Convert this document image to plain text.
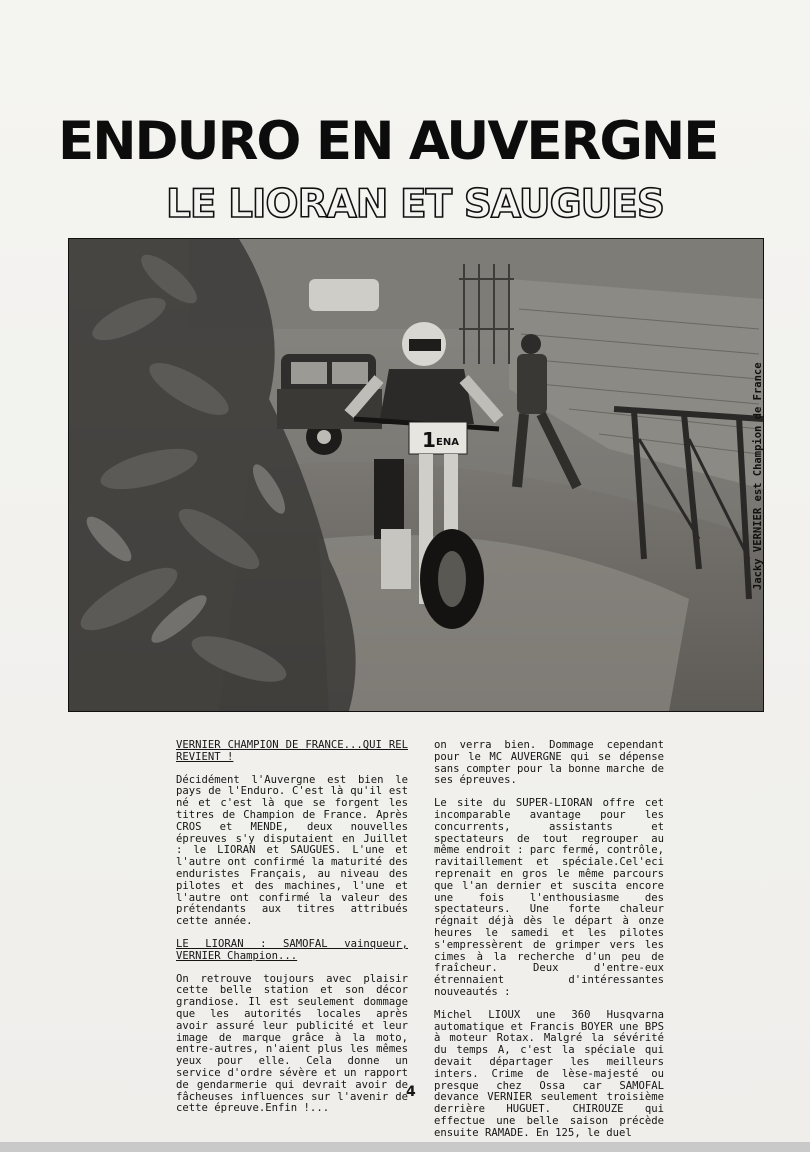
ENDURO EN AUVERGNE
LE LIORAN ET SAUGUES
1 ENA	Jacky VERNIER est Champion de France

VERNIER CHAMPION DE FRANCE...QUI REL REVIENT !

Décidément l'Auvergne est bien le pays de l'Enduro. C'est là qu'il est né et c'est là que se forgent les titres de Champion de France. Après CROS et MENDE, deux nouvelles épreuves s'y disputaient en Juillet : le LIORAN et SAUGUES. L'une et l'autre ont confirmé la maturité des enduristes Français, au niveau des pilotes et des machines, l'une et l'autre ont confirmé la valeur des prétendants aux titres attribués cette année.

LE LIORAN : SAMOFAL vainqueur, VERNIER Champion...

On retrouve toujours avec plaisir cette belle station et son décor grandiose. Il est seulement dommage que les autorités locales après avoir assuré leur publicité et leur image de marque grâce à la moto, entre-autres, n'aient plus les mêmes yeux pour elle. Cela donne un service d'ordre sévère et un rapport de gendarmerie qui devrait avoir de fâcheuses influences sur l'avenir de cette épreuve.Enfin !...

on verra bien. Dommage cependant pour le MC AUVERGNE qui se dépense sans compter pour la bonne marche de ses épreuves.

Le site du SUPER-LIORAN offre cet incomparable avantage pour les concurrents, assistants et spectateurs de tout regrouper au même endroit : parc fermé, contrôle, ravitaillement et spéciale.Cel'eci reprenait en gros le même parcours que l'an dernier et suscita encore une fois l'enthousiasme des spectateurs. Une forte chaleur régnait déjà dès le départ à onze heures le samedi et les pilotes s'empressèrent de grimper vers les cimes à la recherche d'un peu de fraîcheur. Deux d'entre-eux étrennaient d'intéressantes nouveautés :

Michel LIOUX une 360 Husqvarna automatique et Francis BOYER une BPS à moteur Rotax. Malgré la sévérité du temps A, c'est la spéciale qui devait départager les meilleurs inters. Crime de lèse-majesté ou presque chez Ossa car SAMOFAL devance VERNIER seulement troisième derrière HUGUET. CHIROUZE qui effectue une belle saison précède ensuite RAMADE. En 125, le duel

4
